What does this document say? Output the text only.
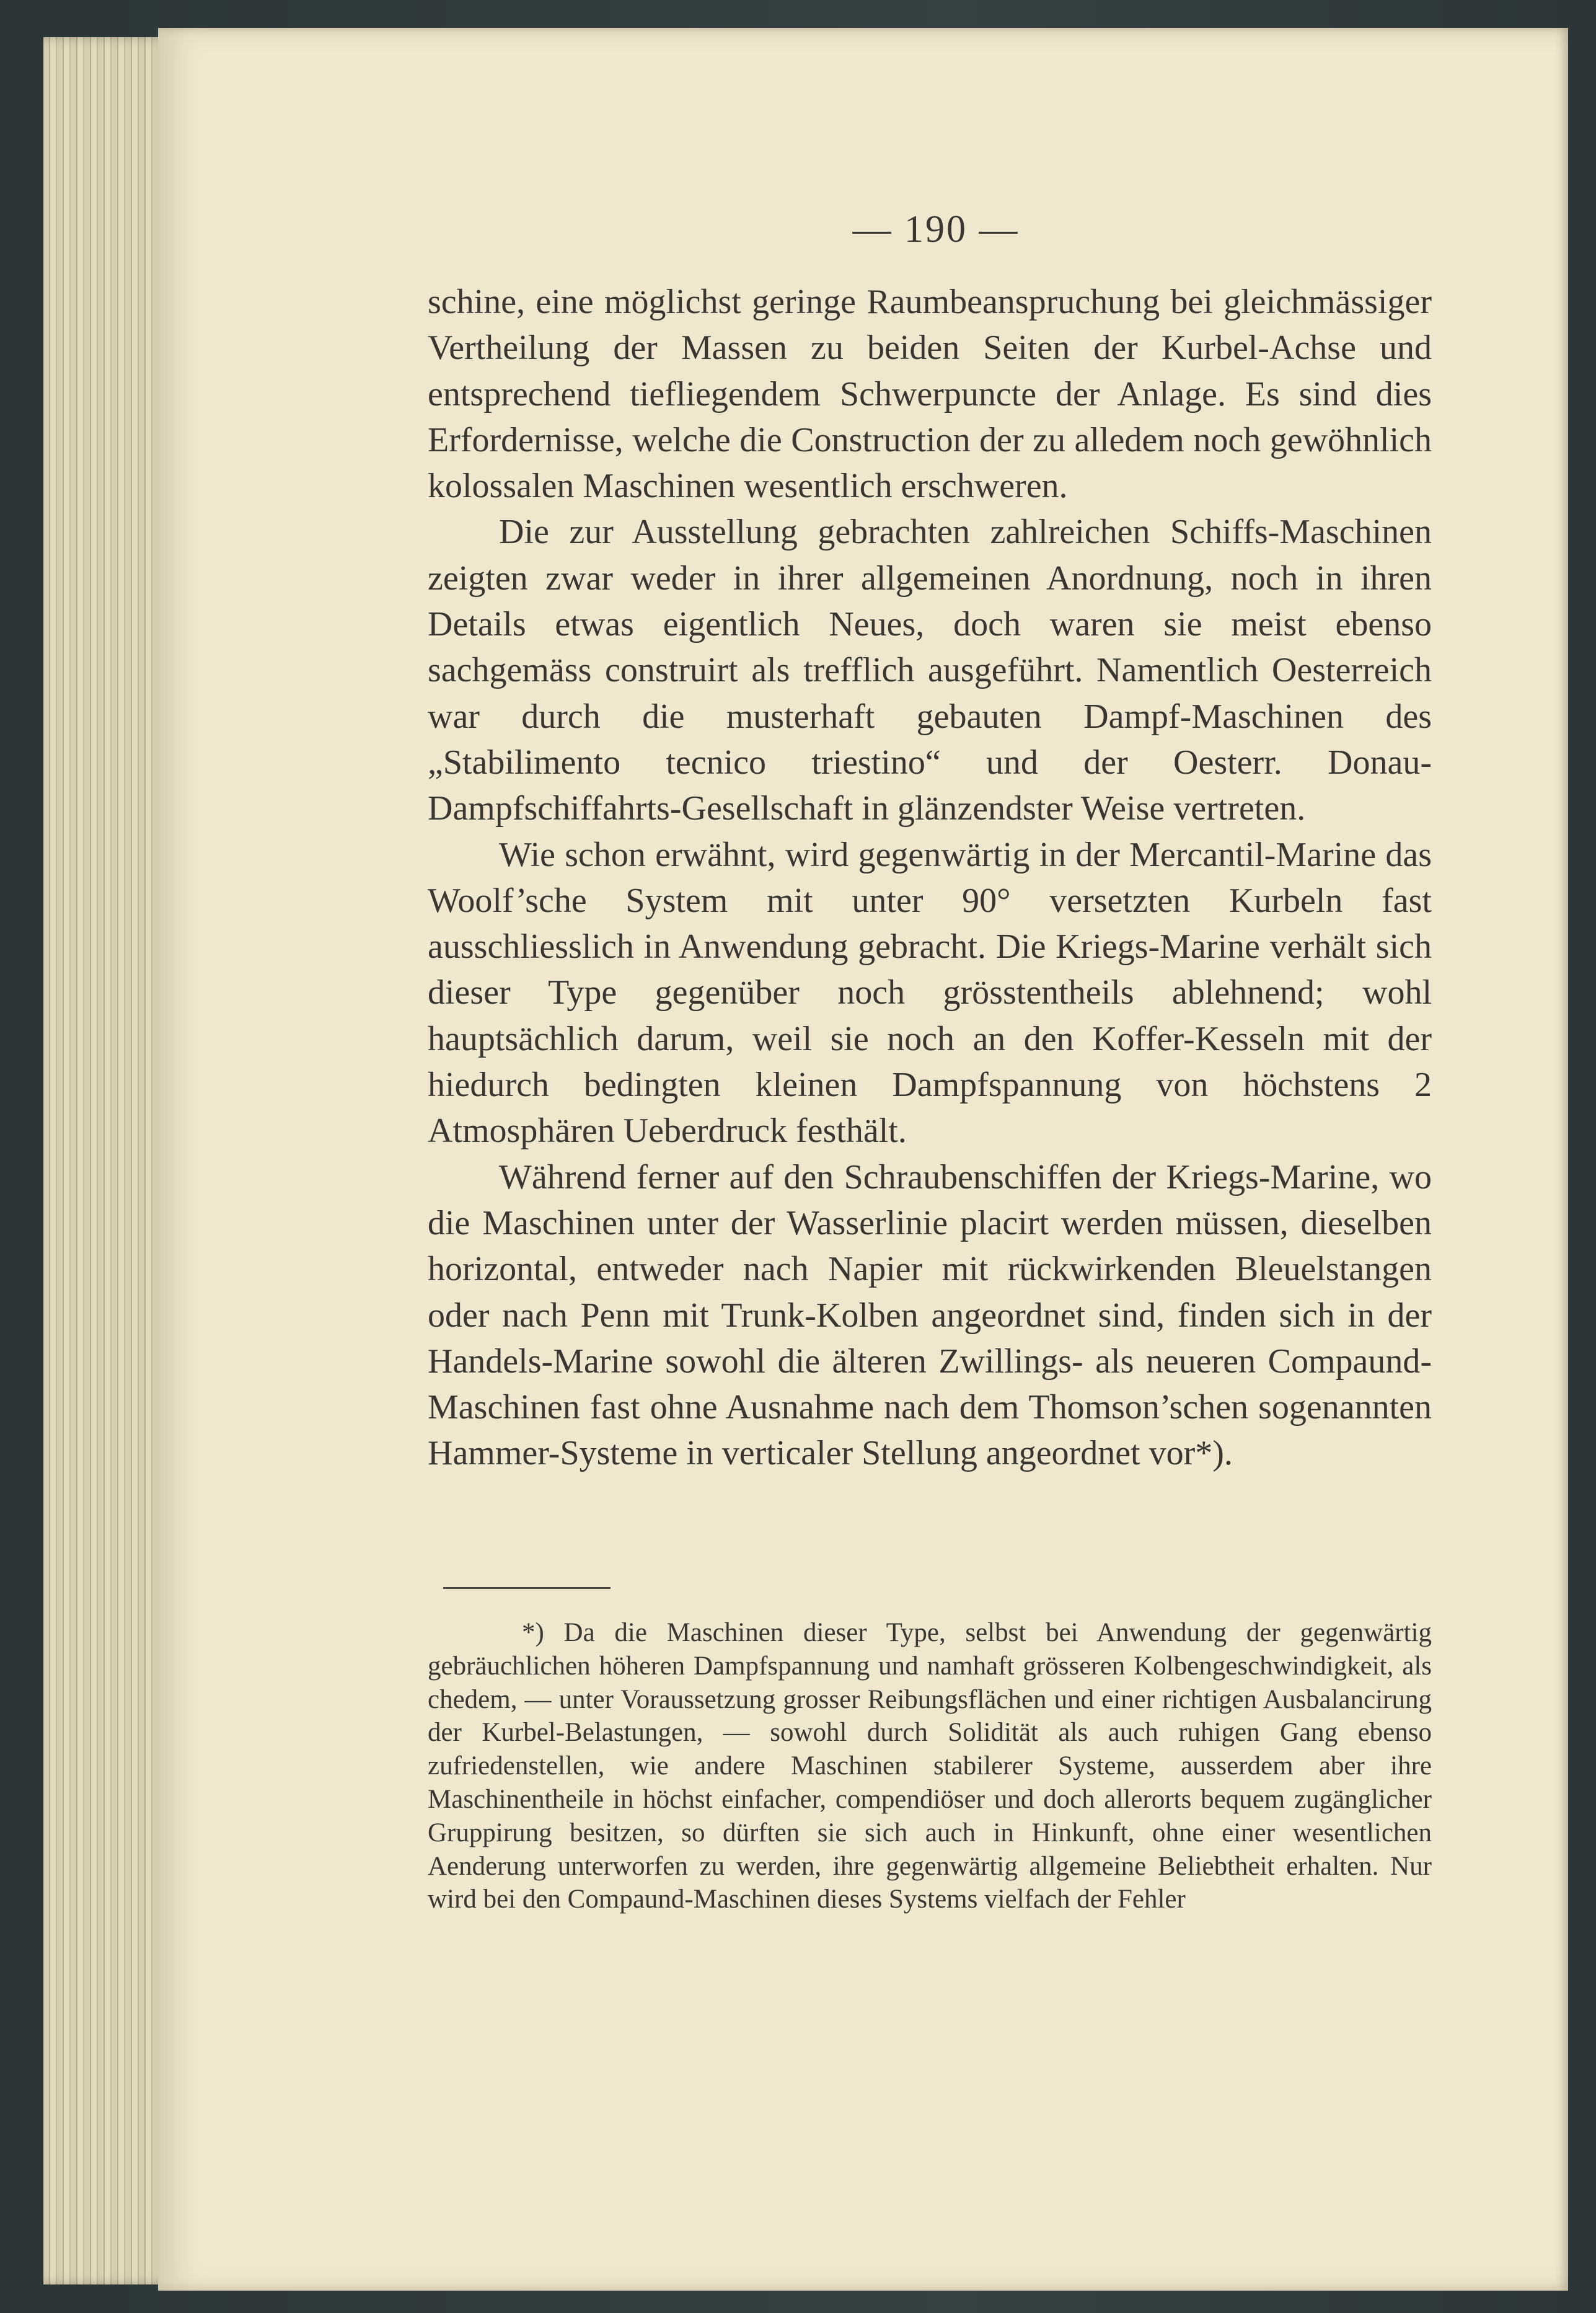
— 190 —

schine, eine möglichst geringe Raumbeanspruchung bei gleichmässiger Vertheilung der Massen zu beiden Seiten der Kurbel-Achse und entsprechend tiefliegendem Schwerpuncte der Anlage. Es sind dies Erfordernisse, welche die Construction der zu alledem noch gewöhnlich kolossalen Maschinen wesentlich erschweren.

Die zur Ausstellung gebrachten zahlreichen Schiffs-Maschinen zeigten zwar weder in ihrer allgemeinen Anordnung, noch in ihren Details etwas eigentlich Neues, doch waren sie meist ebenso sachgemäss construirt als trefflich ausgeführt. Namentlich Oesterreich war durch die musterhaft gebauten Dampf-Maschinen des „Stabilimento tecnico triestino“ und der Oesterr. Donau-Dampfschiffahrts-Gesellschaft in glänzendster Weise vertreten.

Wie schon erwähnt, wird gegenwärtig in der Mercantil-Marine das Woolf’sche System mit unter 90° versetzten Kurbeln fast ausschliesslich in Anwendung gebracht. Die Kriegs-Marine verhält sich dieser Type gegenüber noch grösstentheils ablehnend; wohl hauptsächlich darum, weil sie noch an den Koffer-Kesseln mit der hiedurch bedingten kleinen Dampfspannung von höchstens 2 Atmosphären Ueberdruck festhält.

Während ferner auf den Schraubenschiffen der Kriegs-Marine, wo die Maschinen unter der Wasserlinie placirt werden müssen, dieselben horizontal, entweder nach Napier mit rückwirkenden Bleuelstangen oder nach Penn mit Trunk-Kolben angeordnet sind, finden sich in der Handels-Marine sowohl die älteren Zwillings- als neueren Compaund-Maschinen fast ohne Ausnahme nach dem Thomson’schen sogenannten Hammer-Systeme in verticaler Stellung angeordnet vor*).

*) Da die Maschinen dieser Type, selbst bei Anwendung der gegenwärtig gebräuchlichen höheren Dampfspannung und namhaft grösseren Kolbengeschwindigkeit, als chedem, — unter Voraussetzung grosser Reibungsflächen und einer richtigen Ausbalancirung der Kurbel-Belastungen, — sowohl durch Solidität als auch ruhigen Gang ebenso zufriedenstellen, wie andere Maschinen stabilerer Systeme, ausserdem aber ihre Maschinentheile in höchst einfacher, compendiöser und doch allerorts bequem zugänglicher Gruppirung besitzen, so dürften sie sich auch in Hinkunft, ohne einer wesentlichen Aenderung unterworfen zu werden, ihre gegenwärtig allgemeine Beliebtheit erhalten. Nur wird bei den Compaund-Maschinen dieses Systems vielfach der Fehler
